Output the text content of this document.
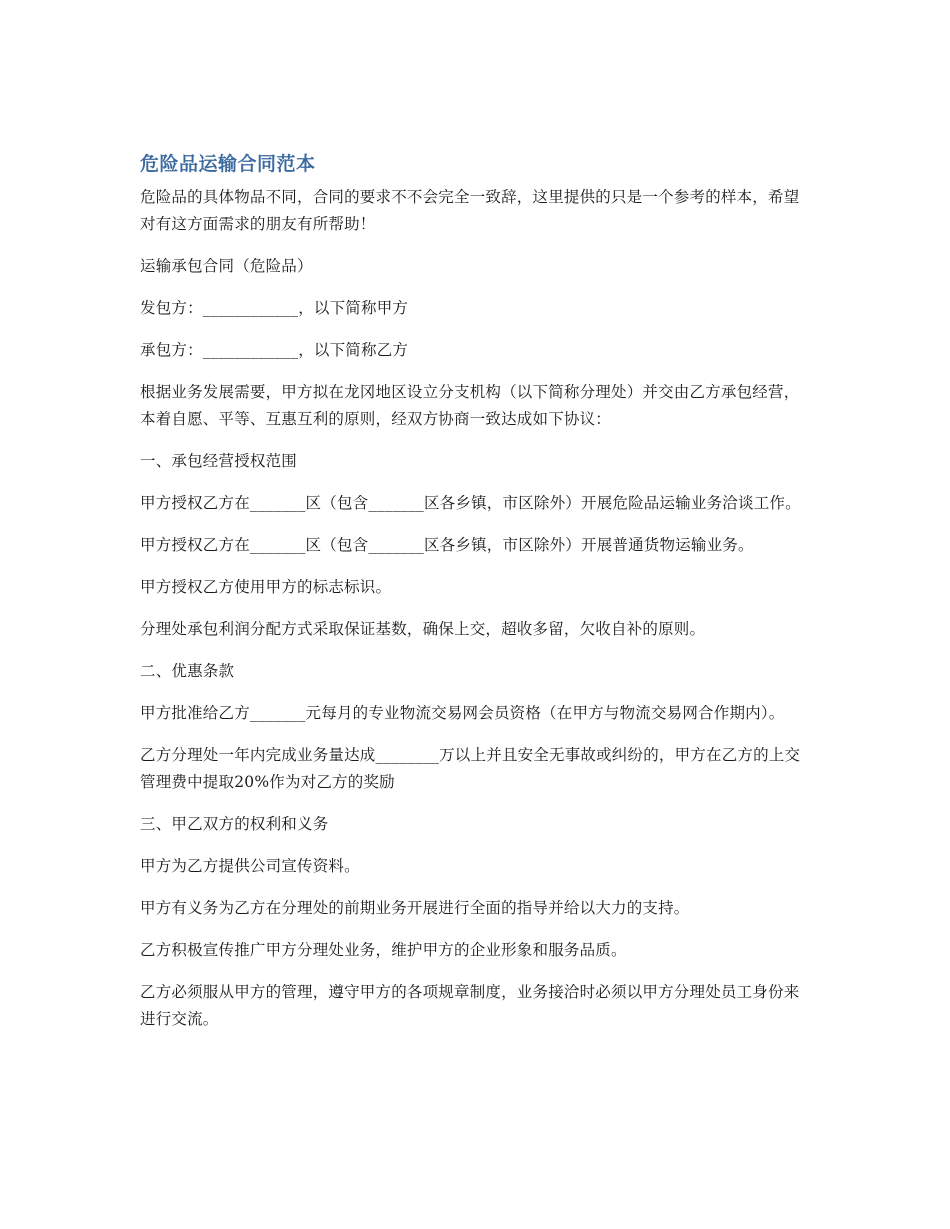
危险品运输合同范本

危险品的具体物品不同，合同的要求不不会完全一致辞，这里提供的只是一个参考的样本，希望对有这方面需求的朋友有所帮助！

运输承包合同（危险品）

发包方：____________，以下简称甲方

承包方：____________，以下简称乙方

根据业务发展需要，甲方拟在龙冈地区设立分支机构（以下简称分理处）并交由乙方承包经营，本着自愿、平等、互惠互利的原则，经双方协商一致达成如下协议：

一、承包经营授权范围

甲方授权乙方在_______区（包含_______区各乡镇，市区除外）开展危险品运输业务洽谈工作。

甲方授权乙方在_______区（包含_______区各乡镇，市区除外）开展普通货物运输业务。

甲方授权乙方使用甲方的标志标识。

分理处承包利润分配方式采取保证基数，确保上交，超收多留，欠收自补的原则。

二、优惠条款

甲方批准给乙方_______元每月的专业物流交易网会员资格（在甲方与物流交易网合作期内）。

乙方分理处一年内完成业务量达成________万以上并且安全无事故或纠纷的，甲方在乙方的上交管理费中提取20%作为对乙方的奖励

三、甲乙双方的权利和义务

甲方为乙方提供公司宣传资料。

甲方有义务为乙方在分理处的前期业务开展进行全面的指导并给以大力的支持。

乙方积极宣传推广甲方分理处业务，维护甲方的企业形象和服务品质。

乙方必须服从甲方的管理，遵守甲方的各项规章制度，业务接洽时必须以甲方分理处员工身份来进行交流。
